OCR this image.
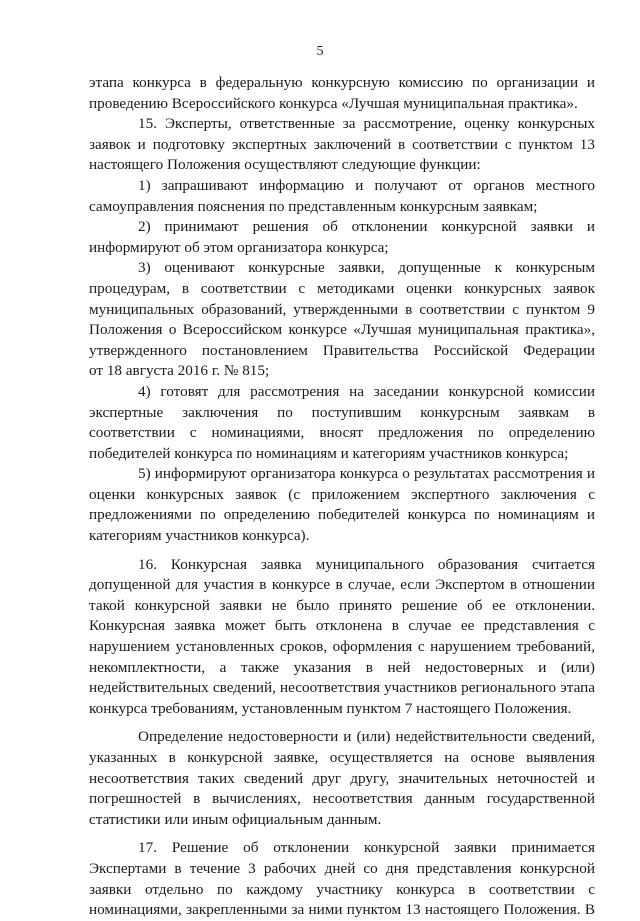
5
этапа конкурса в федеральную конкурсную комиссию по организации и
проведению Всероссийского конкурса «Лучшая муниципальная практика».
15. Эксперты, ответственные за рассмотрение, оценку конкурсных
заявок и подготовку экспертных заключений в соответствии с пунктом 13
настоящего Положения осуществляют следующие функции:
1) запрашивают информацию и получают от органов местного
самоуправления пояснения по представленным конкурсным заявкам;
2) принимают решения об отклонении конкурсной заявки и
информируют об этом организатора конкурса;
3) оценивают конкурсные заявки, допущенные к конкурсным
процедурам, в соответствии с методиками оценки конкурсных заявок
муниципальных образований, утвержденными в соответствии с пунктом 9
Положения о Всероссийском конкурсе «Лучшая муниципальная практика»,
утвержденного постановлением Правительства Российской Федерации
от 18 августа 2016 г. № 815;
4) готовят для рассмотрения на заседании конкурсной комиссии
экспертные заключения по поступившим конкурсным заявкам в
соответствии с номинациями, вносят предложения по определению
победителей конкурса по номинациям и категориям участников конкурса;
5) информируют организатора конкурса о результатах рассмотрения и
оценки конкурсных заявок (с приложением экспертного заключения с
предложениями по определению победителей конкурса по номинациям и
категориям участников конкурса).
16. Конкурсная заявка муниципального образования считается
допущенной для участия в конкурсе в случае, если Экспертом в отношении
такой конкурсной заявки не было принято решение об ее отклонении.
Конкурсная заявка может быть отклонена в случае ее представления с
нарушением установленных сроков, оформления с нарушением требований,
некомплектности, а также указания в ней недостоверных и (или)
недействительных сведений, несоответствия участников регионального этапа
конкурса требованиям, установленным пунктом 7 настоящего Положения.
Определение недостоверности и (или) недействительности сведений,
указанных в конкурсной заявке, осуществляется на основе выявления
несоответствия таких сведений друг другу, значительных неточностей и
погрешностей в вычислениях, несоответствия данным государственной
статистики или иным официальным данным.
17. Решение об отклонении конкурсной заявки принимается
Экспертами в течение 3 рабочих дней со дня представления конкурсной
заявки отдельно по каждому участнику конкурса в соответствии с
номинациями, закрепленными за ними пунктом 13 настоящего Положения. В
